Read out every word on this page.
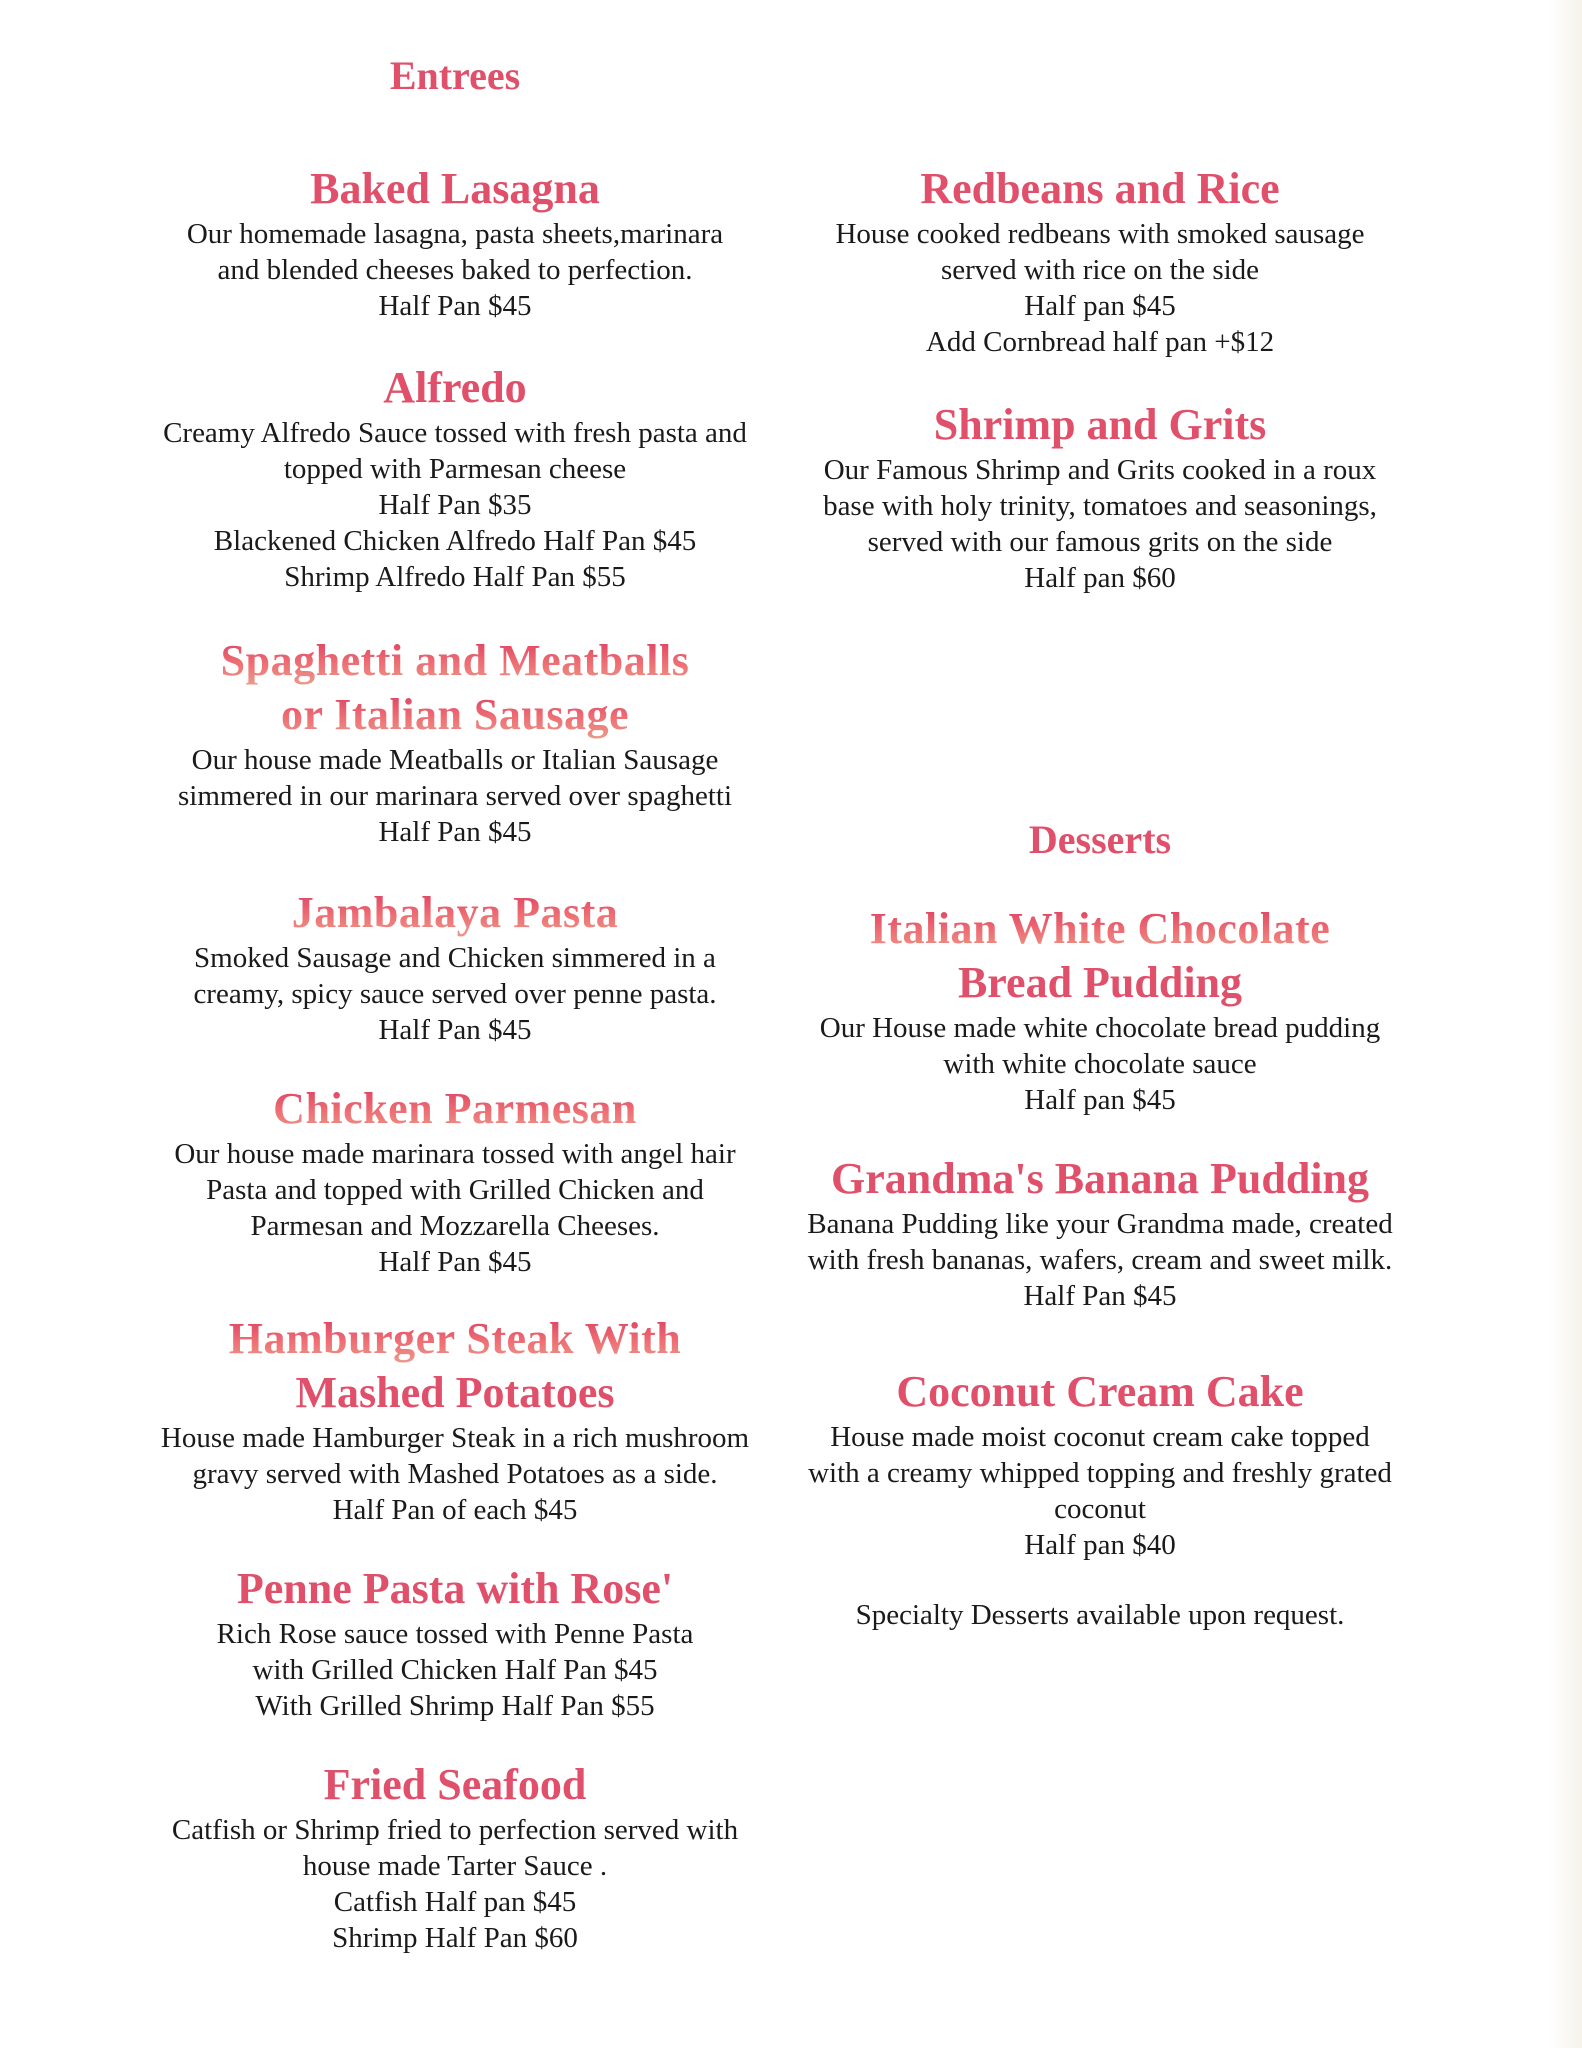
Entrees
Baked Lasagna

Our homemade lasagna, pasta sheets,marinara

and blended cheeses baked to perfection.

Half Pan $45

Alfredo

Creamy Alfredo Sauce tossed with fresh pasta and

topped with Parmesan cheese

Half Pan $35

Blackened Chicken Alfredo Half Pan $45

Shrimp Alfredo Half Pan $55

Spaghetti and Meatballs
or Italian Sausage

Our house made Meatballs or Italian Sausage

simmered in our marinara served over spaghetti

Half Pan $45

Jambalaya Pasta

Smoked Sausage and Chicken simmered in a

creamy, spicy sauce served over penne pasta.

Half Pan $45

Chicken Parmesan

Our house made marinara tossed with angel hair

Pasta and topped with Grilled Chicken and

Parmesan and Mozzarella Cheeses.

Half Pan $45

Hamburger Steak With
Mashed Potatoes

House made Hamburger Steak in a rich mushroom

gravy served with Mashed Potatoes as a side.

Half Pan of each $45

Penne Pasta with Rose'

Rich Rose sauce tossed with Penne Pasta

with Grilled Chicken Half Pan $45

With Grilled Shrimp Half Pan $55

Fried Seafood

Catfish or Shrimp fried to perfection served with

house made Tarter Sauce .

Catfish Half pan $45

Shrimp Half Pan $60

Redbeans and Rice

House cooked redbeans with smoked sausage

served with rice on the side

Half pan $45

Add Cornbread half pan +$12

Shrimp and Grits

Our Famous Shrimp and Grits cooked in a roux

base with holy trinity, tomatoes and seasonings,

served with our famous grits on the side

Half pan $60

Desserts
Italian White Chocolate
Bread Pudding

Our House made white chocolate bread pudding

with white chocolate sauce

Half pan $45

Grandma's Banana Pudding

Banana Pudding like your Grandma made, created

with fresh bananas, wafers, cream and sweet milk.

Half Pan $45

Coconut Cream Cake

House made moist coconut cream cake topped

with a creamy whipped topping and freshly grated

coconut

Half pan $40

Specialty Desserts available upon request.
